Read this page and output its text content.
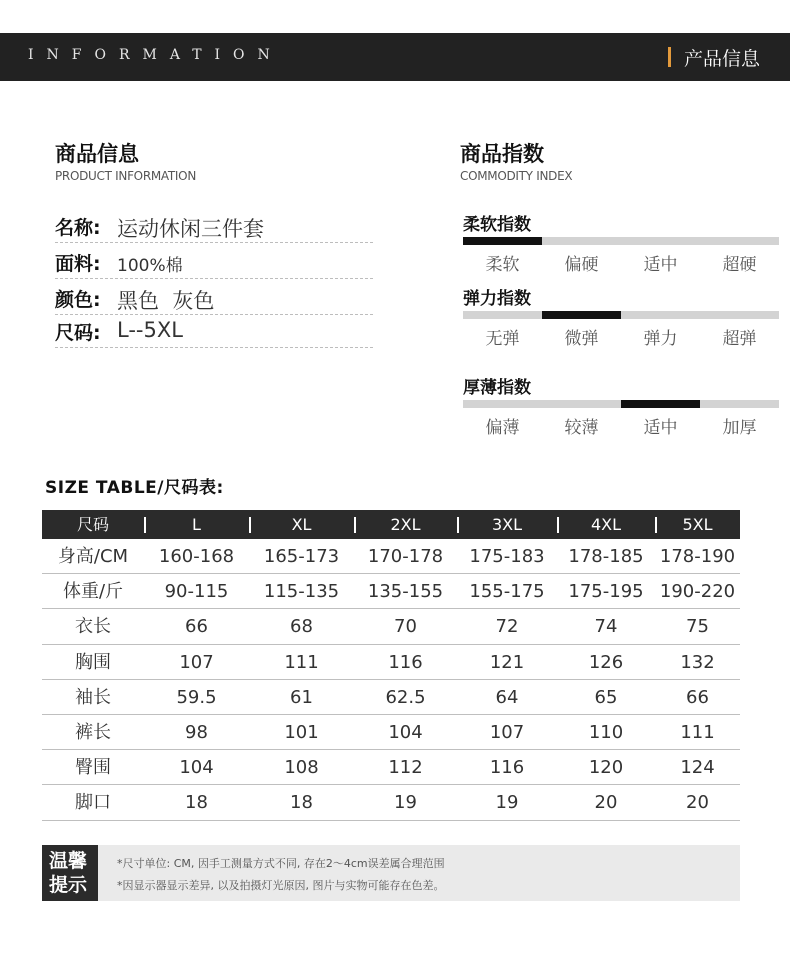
INFORMATION	产品信息
商品信息
PRODUCT INFORMATION
名称: 运动休闲三件套
面料: 100%棉
颜色: 黑色  灰色
尺码: L--5XL
商品指数
COMMODITY INDEX
柔软指数
柔软	偏硬	适中	超硬
弹力指数
无弹	微弹	弹力	超弹
厚薄指数
偏薄	较薄	适中	加厚
SIZE TABLE/尺码表:
尺码	L	XL	2XL	3XL	4XL	5XL
身高/CM	160-168	165-173	170-178	175-183	178-185 178-190
体重/斤	90-115	115-135	135-155	155-175	175-195 190-220
衣长	66	68	70	72	74	75
胸围	107	111	116	121	126	132
袖长	59.5	61	62.5	64	65	66
裤长	98	101	104	107	110	111
臀围	104	108	112	116	120	124
脚口	18	18	19	19	20	20
温馨
提示
*尺寸单位: CM, 因手工测量方式不同, 存在2～4cm误差属合理范围
*因显示器显示差异, 以及拍摄灯光原因, 图片与实物可能存在色差。
